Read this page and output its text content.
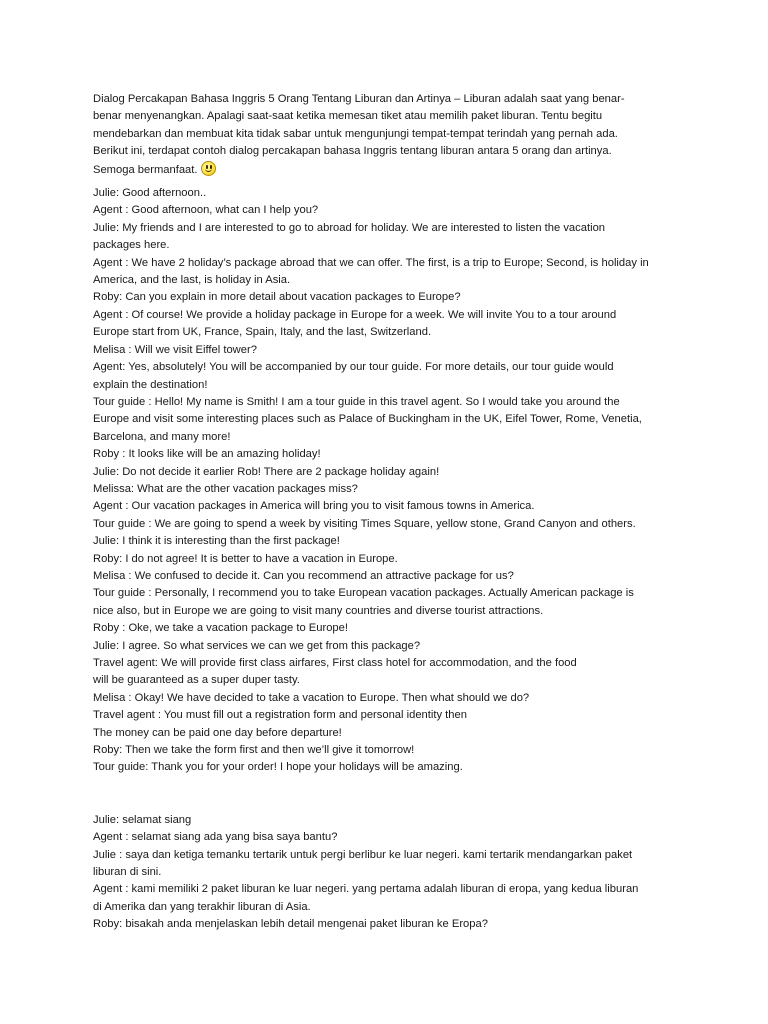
Dialog Percakapan Bahasa Inggris 5 Orang Tentang Liburan dan Artinya – Liburan adalah saat yang benar-
benar menyenangkan. Apalagi saat-saat ketika memesan tiket atau memilih paket liburan. Tentu begitu
mendebarkan dan membuat kita tidak sabar untuk mengunjungi tempat-tempat terindah yang pernah ada.
Berikut ini, terdapat contoh dialog percakapan bahasa Inggris tentang liburan antara 5 orang dan artinya.
Semoga bermanfaat.
Julie: Good afternoon..
Agent : Good afternoon, what can I help you?
Julie: My friends and I are interested to go to abroad for holiday. We are interested to listen the vacation
packages here.
Agent : We have 2 holiday’s package abroad that we can offer. The first, is a trip to Europe; Second, is holiday in
America, and the last, is holiday in Asia.
Roby: Can you explain in more detail about vacation packages to Europe?
Agent : Of course! We provide a holiday package in Europe for a week. We will invite You to a tour around
Europe start from UK, France, Spain, Italy, and the last, Switzerland.
Melisa : Will we visit Eiffel tower?
Agent: Yes, absolutely! You will be accompanied by our tour guide. For more details, our tour guide would
explain the destination!
Tour guide : Hello! My name is Smith! I am a tour guide in this travel agent. So I would take you around the
Europe and visit some interesting places such as Palace of Buckingham in the UK, Eifel Tower, Rome, Venetia,
Barcelona, and many more!
Roby : It looks like will be an amazing holiday!
Julie: Do not decide it earlier Rob! There are 2 package holiday again!
Melissa: What are the other vacation packages miss?
Agent : Our vacation packages in America will bring you to visit famous towns in America.
Tour guide : We are going to spend a week by visiting Times Square, yellow stone, Grand Canyon and others.
Julie: I think it is interesting than the first package!
Roby: I do not agree! It is better to have a vacation in Europe.
Melisa : We confused to decide it. Can you recommend an attractive package for us?
Tour guide : Personally, I recommend you to take European vacation packages. Actually American package is
nice also, but in Europe we are going to visit many countries and diverse tourist attractions.
Roby : Oke, we take a vacation package to Europe!
Julie: I agree. So what services we can we get from this package?
Travel agent: We will provide first class airfares, First class hotel for accommodation, and the food
will be guaranteed as a super duper tasty.
Melisa : Okay! We have decided to take a vacation to Europe. Then what should we do?
Travel agent : You must fill out a registration form and personal identity then
The money can be paid one day before departure!
Roby: Then we take the form first and then we’ll give it tomorrow!
Tour guide: Thank you for your order! I hope your holidays will be amazing.
Julie: selamat siang
Agent : selamat siang ada yang bisa saya bantu?
Julie : saya dan ketiga temanku tertarik untuk pergi berlibur ke luar negeri. kami tertarik mendangarkan paket
liburan di sini.
Agent : kami memiliki 2 paket liburan ke luar negeri. yang pertama adalah liburan di eropa, yang kedua liburan
di Amerika dan yang terakhir liburan di Asia.
Roby: bisakah anda menjelaskan lebih detail mengenai paket liburan ke Eropa?
